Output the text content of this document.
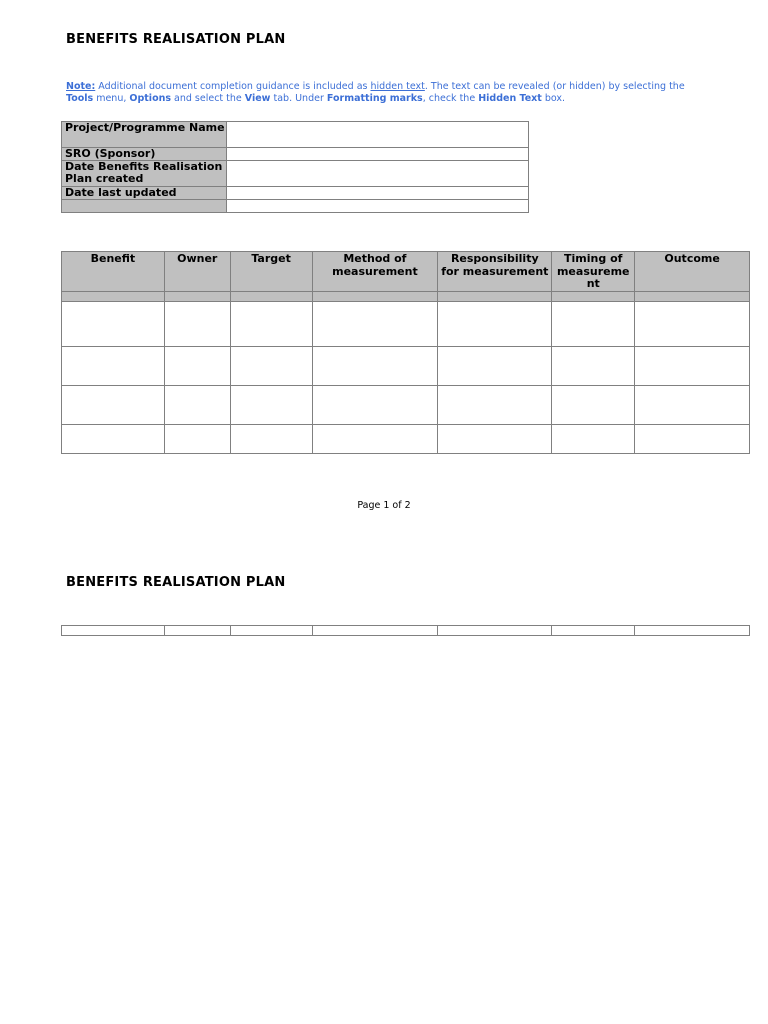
BENEFITS REALISATION PLAN
Note: Additional document completion guidance is included as hidden text. The text can be revealed (or hidden) by selecting the
Tools menu, Options and select the View tab. Under Formatting marks, check the Hidden Text box.
Project/Programme Name	
SRO (Sponsor)	
Date Benefits Realisation Plan created	
Date last updated	

Benefit	Owner	Target	Method of measurement	Responsibility for measurement	Timing of measureme nt	Outcome

Page 1 of 2
BENEFITS REALISATION PLAN
